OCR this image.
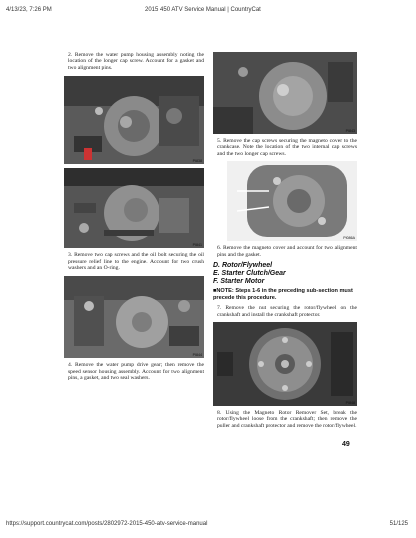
4/13/23, 7:26 PM	2015 450 ATV Service Manual | CountryCat
2. Remove the water pump housing assembly noting the location of the longer cap screw. Account for a gasket and two alignment pins.
PI838
PI841
3. Remove two cap screws and the oil bolt securing the oil pressure relief line to the engine. Account for two crush washers and an O-ring.
PI844
4. Remove the water pump drive gear; then remove the speed sensor housing assembly. Account for two alignment pins, a gasket, and two seal washers.
PI843
5. Remove the cap screws securing the magneto cover to the crankcase. Note the location of the two internal cap screws and the two longer cap screws.
PI086A
6. Remove the magneto cover and account for two alignment pins and the gasket.
D. Rotor/Flywheel
E. Starter Clutch/Gear
F. Starter Motor
■NOTE: Steps 1-6 in the preceding sub-section must precede this procedure.
7. Remove the nut securing the rotor/flywheel on the crankshaft and install the crankshaft protector.
PI848
8. Using the Magneto Rotor Remover Set, break the rotor/flywheel loose from the crankshaft; then remove the puller and crankshaft protector and remove the rotor/flywheel.
49
https://support.countrycat.com/posts/2802972-2015-450-atv-service-manual	51/125
